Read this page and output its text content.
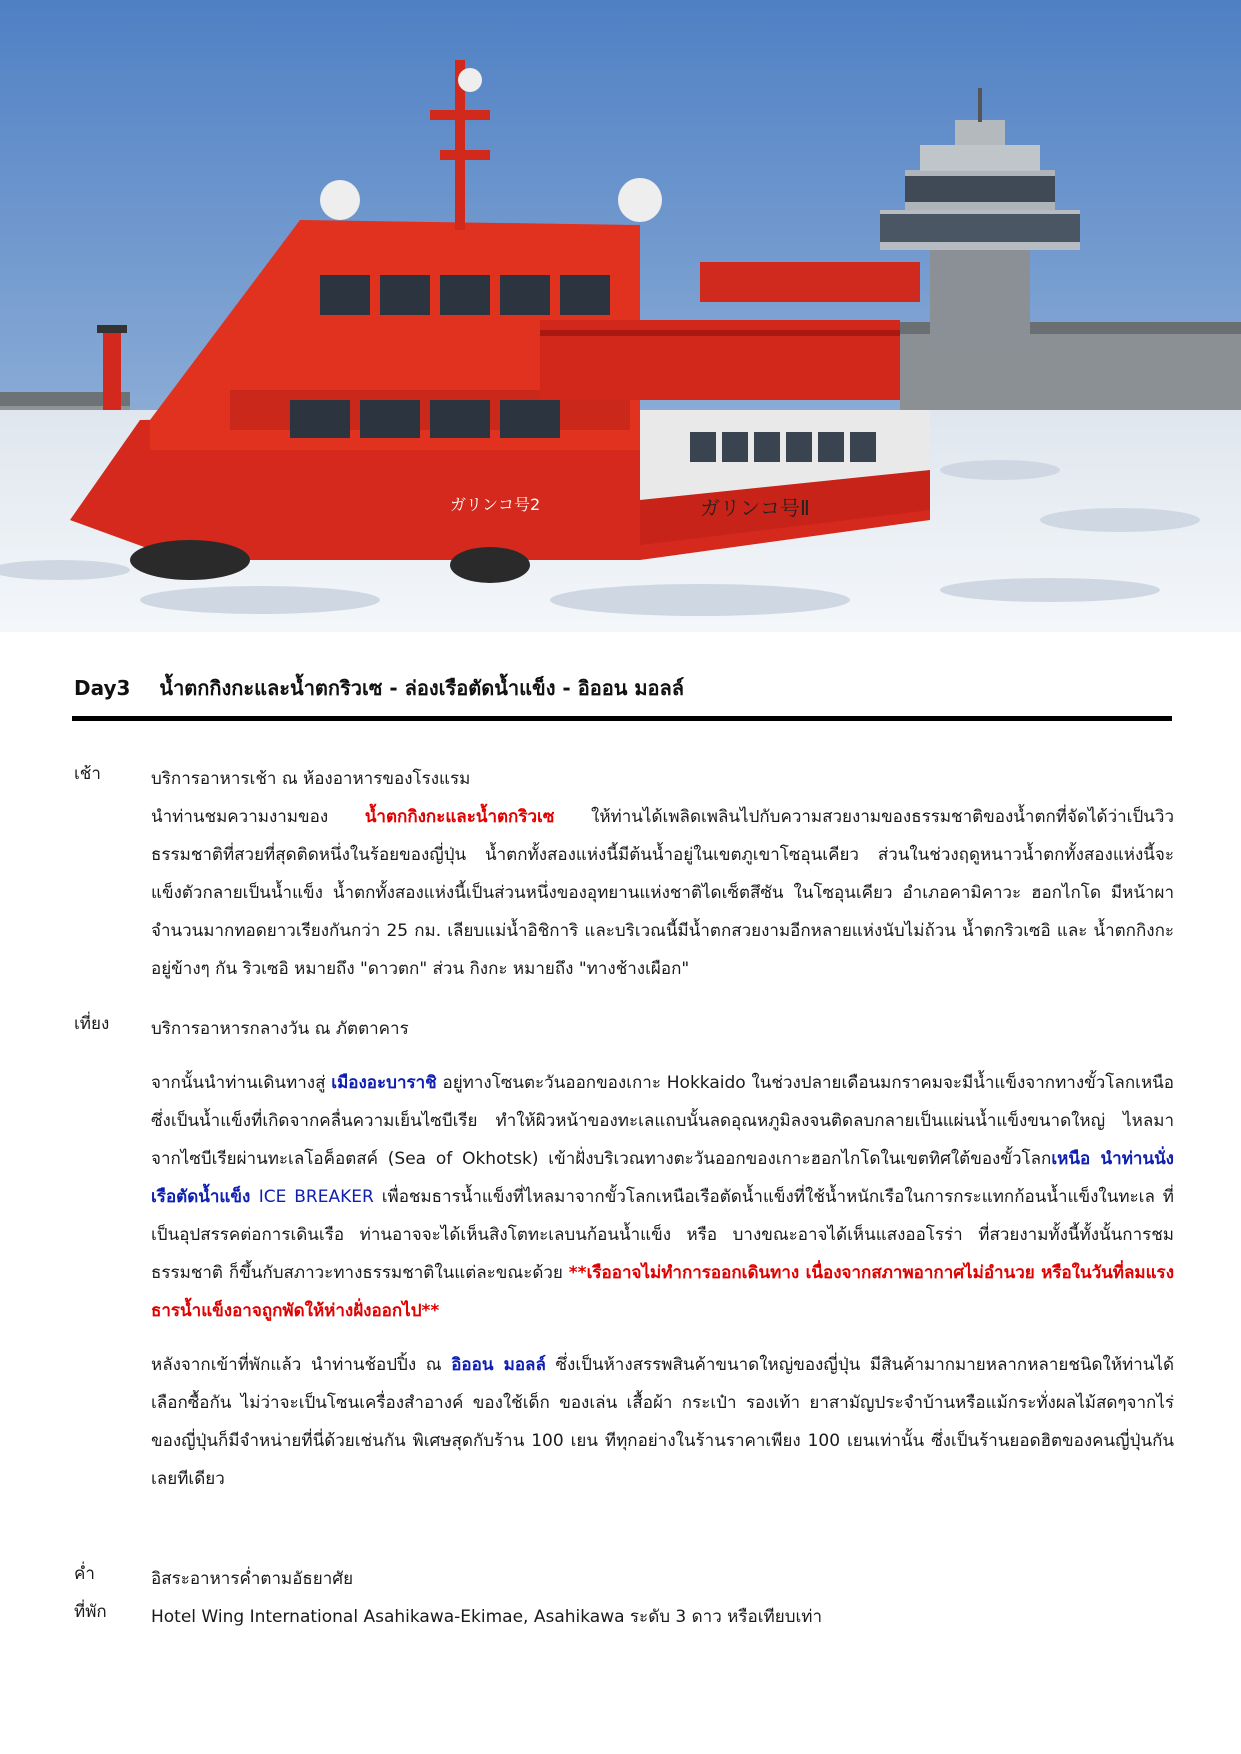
ガリンコ号Ⅱ
ガリンコ号2
Day3 น้ำตกกิงกะและน้ำตกริวเซ - ล่องเรือตัดน้ำแข็ง - อิออน มอลล์
เช้า	บริการอาหารเช้า ณ ห้องอาหารของโรงแรม

นำท่านชมความงามของ น้ำตกกิงกะและน้ำตกริวเซ ให้ท่านได้เพลิดเพลินไปกับความสวยงามของธรรมชาติของน้ำตกที่จัดได้ว่าเป็นวิวธรรมชาติที่สวยที่สุดติดหนึ่งในร้อยของญี่ปุ่น น้ำตกทั้งสองแห่งนี้มีต้นน้ำอยู่ในเขตภูเขาโซอุนเคียว ส่วนในช่วงฤดูหนาวน้ำตกทั้งสองแห่งนี้จะแข็งตัวกลายเป็นน้ำแข็ง น้ำตกทั้งสองแห่งนี้เป็นส่วนหนึ่งของอุทยานแห่งชาติไดเซ็ตสึซัน ในโซอุนเคียว อำเภอคามิคาวะ ฮอกไกโด มีหน้าผาจำนวนมากทอดยาวเรียงกันกว่า 25 กม. เลียบแม่น้ำอิชิการิ และบริเวณนี้มีน้ำตกสวยงามอีกหลายแห่งนับไม่ถ้วน น้ำตกริวเซอิ และ น้ำตกกิงกะอยู่ข้างๆ กัน ริวเซอิ หมายถึง "ดาวตก" ส่วน กิงกะ หมายถึง "ทางช้างเผือก"

เที่ยง	บริการอาหารกลางวัน ณ ภัตตาคาร

จากนั้นนำท่านเดินทางสู่ เมืองอะบาราชิ อยู่ทางโซนตะวันออกของเกาะ Hokkaido ในช่วงปลายเดือนมกราคมจะมีน้ำแข็งจากทางขั้วโลกเหนือ ซึ่งเป็นน้ำแข็งที่เกิดจากคลื่นความเย็นไซบีเรีย ทำให้ผิวหน้าของทะเลแถบนั้นลดอุณหภูมิลงจนติดลบกลายเป็นแผ่นน้ำแข็งขนาดใหญ่ ไหลมาจากไซบีเรียผ่านทะเลโอค็อตสค์ (Sea of Okhotsk) เข้าฝั่งบริเวณทางตะวันออกของเกาะฮอกไกโดในเขตทิศใต้ของขั้วโลกเหนือ นำท่านนั่งเรือตัดน้ำแข็ง ICE BREAKER เพื่อชมธารน้ำแข็งที่ไหลมาจากขั้วโลกเหนือเรือตัดน้ำแข็งที่ใช้น้ำหนักเรือในการกระแทกก้อนน้ำแข็งในทะเล ที่เป็นอุปสรรคต่อการเดินเรือ ท่านอาจจะได้เห็นสิงโตทะเลบนก้อนน้ำแข็ง หรือ บางขณะอาจได้เห็นแสงออโรร่า ที่สวยงามทั้งนี้ทั้งนั้นการชมธรรมชาติ ก็ขึ้นกับสภาวะทางธรรมชาติในแต่ละขณะด้วย **เรืออาจไม่ทำการออกเดินทาง เนื่องจากสภาพอากาศไม่อำนวย หรือในวันที่ลมแรงธารน้ำแข็งอาจถูกพัดให้ห่างฝั่งออกไป**

หลังจากเข้าที่พักแล้ว นำท่านช้อปปิ้ง ณ อิออน มอลล์ ซึ่งเป็นห้างสรรพสินค้าขนาดใหญ่ของญี่ปุ่น มีสินค้ามากมายหลากหลายชนิดให้ท่านได้เลือกซื้อกัน ไม่ว่าจะเป็นโซนเครื่องสำอางค์ ของใช้เด็ก ของเล่น เสื้อผ้า กระเป๋า รองเท้า ยาสามัญประจำบ้านหรือแม้กระทั่งผลไม้สดๆจากไร่ของญี่ปุ่นก็มีจำหน่ายที่นี่ด้วยเช่นกัน พิเศษสุดกับร้าน 100 เยน ทีทุกอย่างในร้านราคาเพียง 100 เยนเท่านั้น ซึ่งเป็นร้านยอดฮิตของคนญี่ปุ่นกันเลยทีเดียว

ค่ำ	อิสระอาหารค่ำตามอัธยาศัย

ที่พัก	Hotel Wing International Asahikawa-Ekimae, Asahikawa ระดับ 3 ดาว หรือเทียบเท่า
